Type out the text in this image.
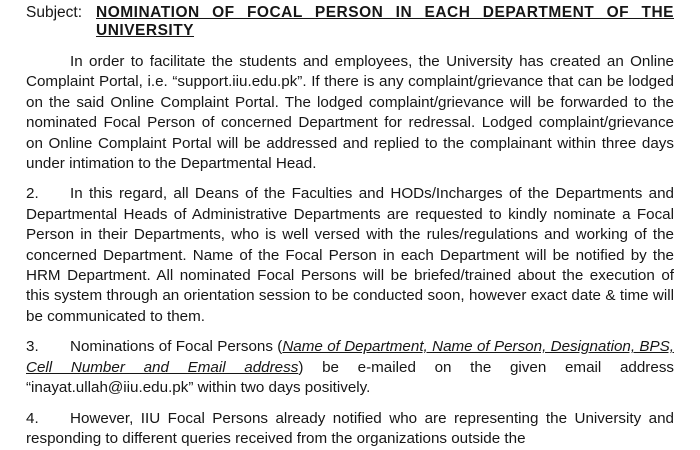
Subject: NOMINATION OF FOCAL PERSON IN EACH DEPARTMENT OF THE UNIVERSITY

In order to facilitate the students and employees, the University has created an Online Complaint Portal, i.e. “support.iiu.edu.pk”. If there is any complaint/grievance that can be lodged on the said Online Complaint Portal. The lodged complaint/grievance will be forwarded to the nominated Focal Person of concerned Department for redressal. Lodged complaint/grievance on Online Complaint Portal will be addressed and replied to the complainant within three days under intimation to the Departmental Head.

2. In this regard, all Deans of the Faculties and HODs/Incharges of the Departments and Departmental Heads of Administrative Departments are requested to kindly nominate a Focal Person in their Departments, who is well versed with the rules/regulations and working of the concerned Department. Name of the Focal Person in each Department will be notified by the HRM Department. All nominated Focal Persons will be briefed/trained about the execution of this system through an orientation session to be conducted soon, however exact date & time will be communicated to them.

3. Nominations of Focal Persons (Name of Department, Name of Person, Designation, BPS, Cell Number and Email address) be e-mailed on the given email address “inayat.ullah@iiu.edu.pk” within two days positively.

4. However, IIU Focal Persons already notified who are representing the University and responding to different queries received from the organizations outside the
